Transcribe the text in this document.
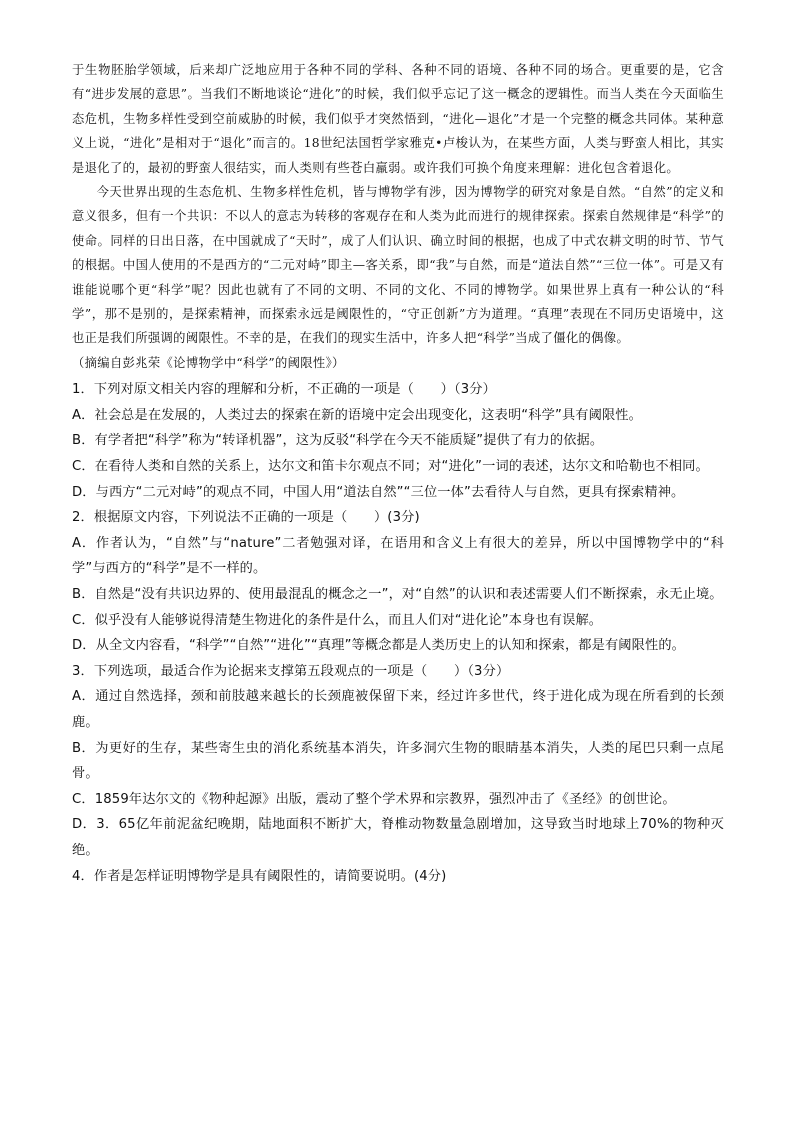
于生物胚胎学领域，后来却广泛地应用于各种不同的学科、各种不同的语境、各种不同的场合。更重要的是，它含有“进步发展的意思”。当我们不断地谈论“进化”的时候，我们似乎忘记了这一概念的逻辑性。而当人类在今天面临生态危机，生物多样性受到空前威胁的时候，我们似乎才突然悟到，“进化—退化”才是一个完整的概念共同体。某种意义上说，“进化”是相对于“退化”而言的。18世纪法国哲学家雅克•卢梭认为，在某些方面，人类与野蛮人相比，其实是退化了的，最初的野蛮人很结实，而人类则有些苍白羸弱。或许我们可换个角度来理解：进化包含着退化。

今天世界出现的生态危机、生物多样性危机，皆与博物学有涉，因为博物学的研究对象是自然。“自然”的定义和意义很多，但有一个共识：不以人的意志为转移的客观存在和人类为此而进行的规律探索。探索自然规律是“科学”的使命。同样的日出日落，在中国就成了“天时”，成了人们认识、确立时间的根据，也成了中式农耕文明的时节、节气的根据。中国人使用的不是西方的“二元对峙”即主—客关系，即“我”与自然，而是“道法自然”“三位一体”。可是又有谁能说哪个更“科学”呢？因此也就有了不同的文明、不同的文化、不同的博物学。如果世界上真有一种公认的“科学”，那不是别的，是探索精神，而探索永远是阈限性的，“守正创新”方为道理。“真理”表现在不同历史语境中，这也正是我们所强调的阈限性。不幸的是，在我们的现实生活中，许多人把“科学”当成了僵化的偶像。

（摘编自彭兆荣《论博物学中“科学”的阈限性》）

1．下列对原文相关内容的理解和分析，不正确的一项是（　　）（3分）

A．社会总是在发展的，人类过去的探索在新的语境中定会出现变化，这表明“科学”具有阈限性。

B．有学者把“科学”称为“转译机器”，这为反驳“科学在今天不能质疑”提供了有力的依据。

C．在看待人类和自然的关系上，达尔文和笛卡尔观点不同；对“进化”一词的表述，达尔文和哈勒也不相同。

D．与西方“二元对峙”的观点不同，中国人用“道法自然”“三位一体”去看待人与自然，更具有探索精神。

2．根据原文内容，下列说法不正确的一项是（　　）(3分)

A．作者认为，“自然”与“nature”二者勉强对译，在语用和含义上有很大的差异，所以中国博物学中的“科学”与西方的“科学”是不一样的。

B．自然是“没有共识边界的、使用最混乱的概念之一”，对“自然”的认识和表述需要人们不断探索，永无止境。

C．似乎没有人能够说得清楚生物进化的条件是什么，而且人们对“进化论”本身也有误解。

D．从全文内容看，“科学”“自然”“进化”“真理”等概念都是人类历史上的认知和探索，都是有阈限性的。

3．下列选项，最适合作为论据来支撑第五段观点的一项是（　　）（3分）

A．通过自然选择，颈和前肢越来越长的长颈鹿被保留下来，经过许多世代，终于进化成为现在所看到的长颈鹿。

B．为更好的生存，某些寄生虫的消化系统基本消失，许多洞穴生物的眼睛基本消失，人类的尾巴只剩一点尾骨。

C．1859年达尔文的《物种起源》出版，震动了整个学术界和宗教界，强烈冲击了《圣经》的创世论。

D．3．65亿年前泥盆纪晚期，陆地面积不断扩大，脊椎动物数量急剧增加，这导致当时地球上70%的物种灭绝。

4．作者是怎样证明博物学是具有阈限性的，请简要说明。(4分)
